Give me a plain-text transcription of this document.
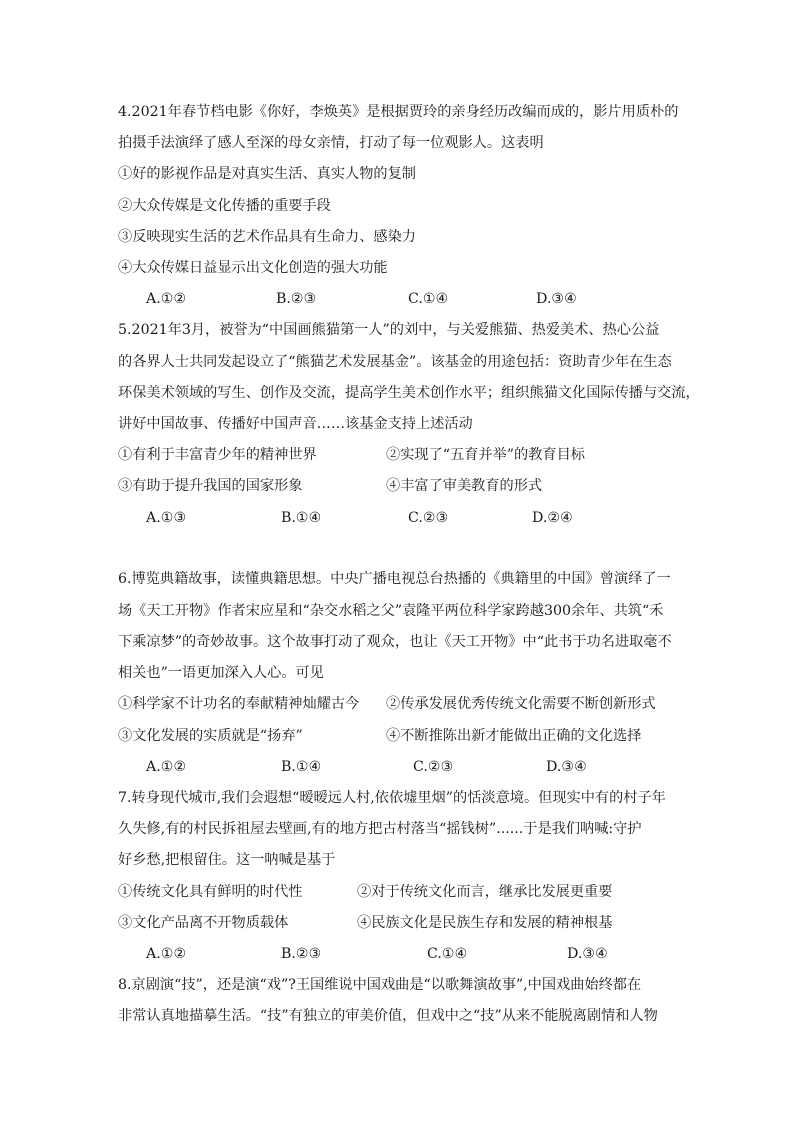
4.2021年春节档电影《你好，李焕英》是根据贾玲的亲身经历改编而成的，影片用质朴的
拍摄手法演绎了感人至深的母女亲情，打动了每一位观影人。这表明
①好的影视作品是对真实生活、真实人物的复制
②大众传媒是文化传播的重要手段
③反映现实生活的艺术作品具有生命力、感染力
④大众传媒日益显示出文化创造的强大功能
A.①②	B.②③	C.①④	D.③④
5.2021年3月，被誉为“中国画熊猫第一人”的刘中，与关爱熊猫、热爱美术、热心公益
的各界人士共同发起设立了“熊猫艺术发展基金”。该基金的用途包括：资助青少年在生态
环保美术领域的写生、创作及交流，提高学生美术创作水平；组织熊猫文化国际传播与交流，
讲好中国故事、传播好中国声音……该基金支持上述活动
①有利于丰富青少年的精神世界	②实现了“五育并举”的教育目标
③有助于提升我国的国家形象	④丰富了审美教育的形式
A.①③	B.①④	C.②③	D.②④
6.博览典籍故事，读懂典籍思想。中央广播电视总台热播的《典籍里的中国》曾演绎了一
场《天工开物》作者宋应星和“杂交水稻之父”袁隆平两位科学家跨越300余年、共筑“禾
下乘凉梦”的奇妙故事。这个故事打动了观众，也让《天工开物》中“此书于功名进取毫不
相关也”一语更加深入人心。可见
①科学家不计功名的奉献精神灿耀古今 ②传承发展优秀传统文化需要不断创新形式
③文化发展的实质就是“扬弃”	④不断推陈出新才能做出正确的文化选择
A.①②	B.①④	C.②③	D.③④
7.转身现代城市,我们会遐想“暧暧远人村,依依墟里烟”的恬淡意境。但现实中有的村子年
久失修,有的村民拆祖屋去壁画,有的地方把古村落当“摇钱树”......于是我们呐喊:守护
好乡愁,把根留住。这一呐喊是基于
①传统文化具有鲜明的时代性	②对于传统文化而言，继承比发展更重要
③文化产品离不开物质载体	④民族文化是民族生存和发展的精神根基
A.①②	B.②③	C.①④	D.③④
8.京剧演“技”，还是演“戏”?王国维说中国戏曲是“以歌舞演故事”,中国戏曲始终都在
非常认真地描摹生活。“技”有独立的审美价值，但戏中之“技”从来不能脱离剧情和人物
